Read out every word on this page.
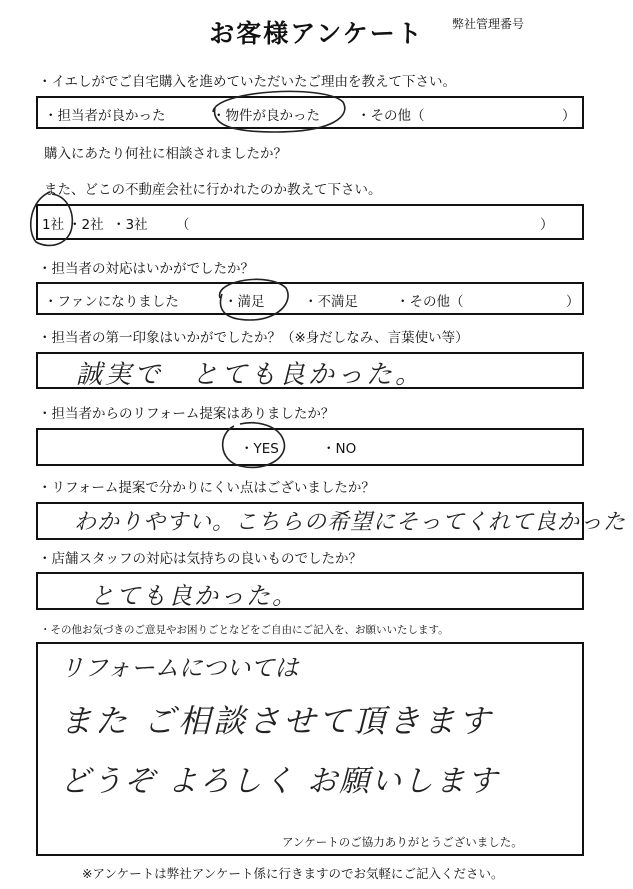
お客様アンケート	弊社管理番号
・イエしがでご自宅購入を進めていただいたご理由を教えて下さい。
・担当者が良かった	・物件が良かった	・その他（	）
購入にあたり何社に相談されましたか？
また、どこの不動産会社に行かれたのか教えて下さい。
1社 ・2社 ・3社 （	）
・担当者の対応はいかがでしたか？
・ファンになりました	・満足	・不満足	・その他（	）
・担当者の第一印象はいかがでしたか？（※身だしなみ、言葉使い等）
誠実で　とても良かった。
・担当者からのリフォーム提案はありましたか？
・YES	・NO
・リフォーム提案で分かりにくい点はございましたか？
わかりやすい。こちらの希望にそってくれて良かった
・店舗スタッフの対応は気持ちの良いものでしたか？
とても良かった。
・その他お気づきのご意見やお困りごとなどをご自由にご記入を、お願いいたします。
リフォームについては
また ご相談させて頂きます
どうぞ よろしく お願いします
アンケートのご協力ありがとうございました。
※アンケートは弊社アンケート係に行きますのでお気軽にご記入ください。
